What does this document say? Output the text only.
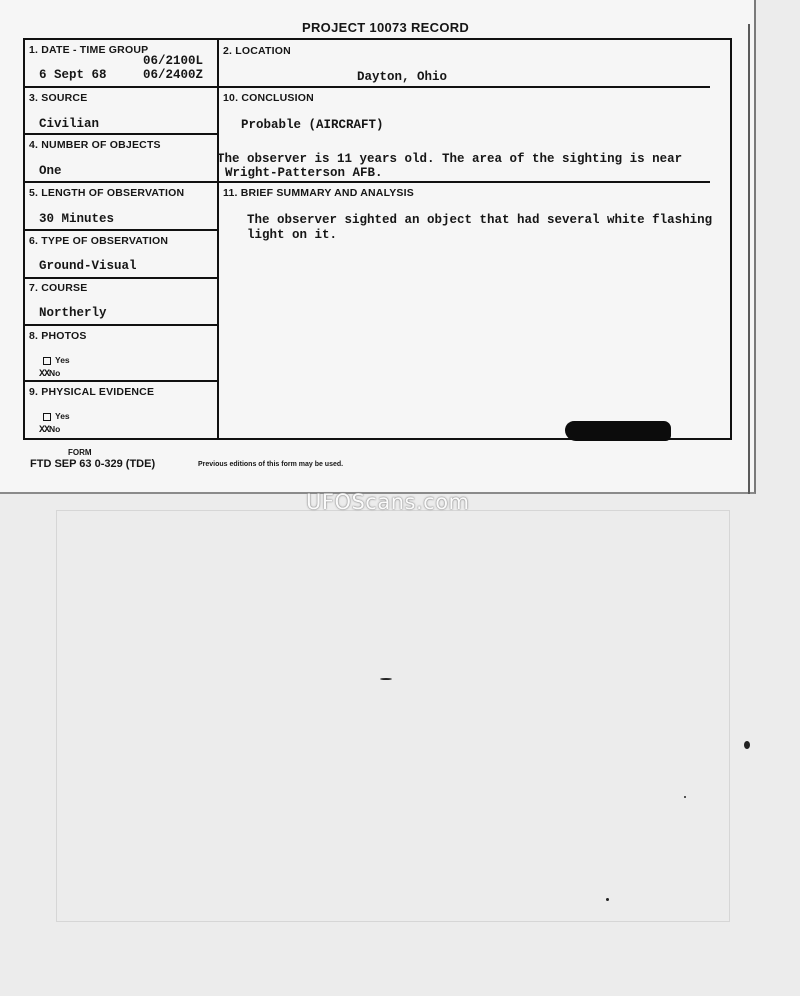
PROJECT 10073 RECORD
1. DATE - TIME GROUP
06/2100L
6 Sept 68	06/2400Z
2. LOCATION
Dayton, Ohio
3. SOURCE
Civilian
10. CONCLUSION
Probable (AIRCRAFT)
The observer is 11 years old. The area of the sighting is near
Wright-Patterson AFB.
4. NUMBER OF OBJECTS
One
5. LENGTH OF OBSERVATION
30 Minutes
11. BRIEF SUMMARY AND ANALYSIS
The observer sighted an object that had several white flashing
light on it.
6. TYPE OF OBSERVATION
Ground-Visual
7. COURSE
Northerly
8. PHOTOS
Yes
XXNo
9. PHYSICAL EVIDENCE
Yes
XXNo
FORM
FTD SEP 63 0-329 (TDE)	Previous editions of this form may be used.
UFOScans.com
